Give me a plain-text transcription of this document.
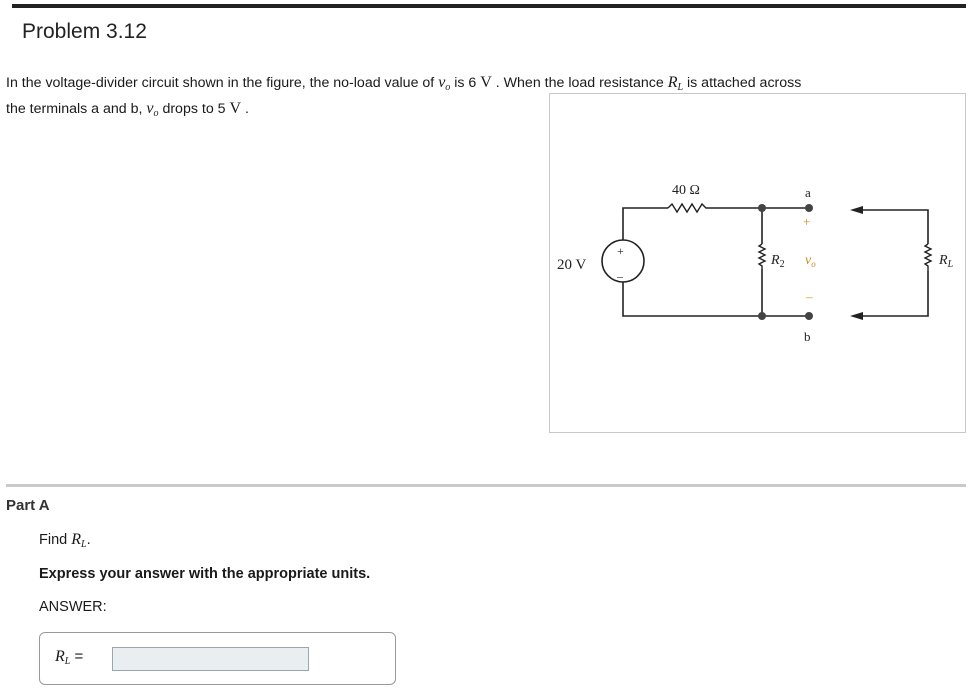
Problem 3.12
In the voltage-divider circuit shown in the figure, the no-load value of $v_o$ is 6 V . When the load resistance $R_L$ is attached across
the terminals a and b, $v_o$ drops to 5 V .
+
–
20 V
40 Ω	a
b
+
–
$R_2$ $v_o$	$R_L$
Part A
Find $R_L$.
Express your answer with the appropriate units.
ANSWER:
$R_L$ =
